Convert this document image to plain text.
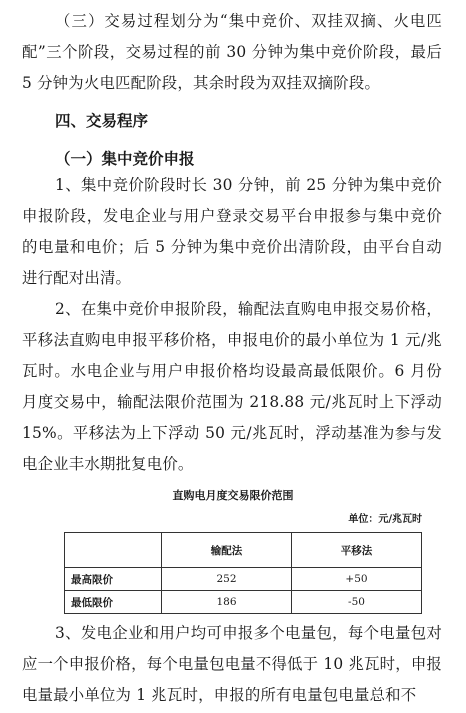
（三）交易过程划分为“集中竞价、双挂双摘、火电匹配”三个阶段，交易过程的前 30 分钟为集中竞价阶段，最后 5 分钟为火电匹配阶段，其余时段为双挂双摘阶段。
四、交易程序
（一）集中竞价申报
1、集中竞价阶段时长 30 分钟，前 25 分钟为集中竞价申报阶段，发电企业与用户登录交易平台申报参与集中竞价的电量和电价；后 5 分钟为集中竞价出清阶段，由平台自动进行配对出清。
2、在集中竞价申报阶段，输配法直购电申报交易价格，平移法直购电申报平移价格，申报电价的最小单位为 1 元/兆瓦时。水电企业与用户申报价格均设最高最低限价。6 月份月度交易中，输配法限价范围为 218.88 元/兆瓦时上下浮动 15%。平移法为上下浮动 50 元/兆瓦时，浮动基准为参与发电企业丰水期批复电价。
直购电月度交易限价范围
单位：元/兆瓦时
	输配法	平移法
最高限价	252	+50
最低限价	186	-50
3、发电企业和用户均可申报多个电量包，每个电量包对应一个申报价格，每个电量包电量不得低于 10 兆瓦时，申报电量最小单位为 1 兆瓦时，申报的所有电量包电量总和不
